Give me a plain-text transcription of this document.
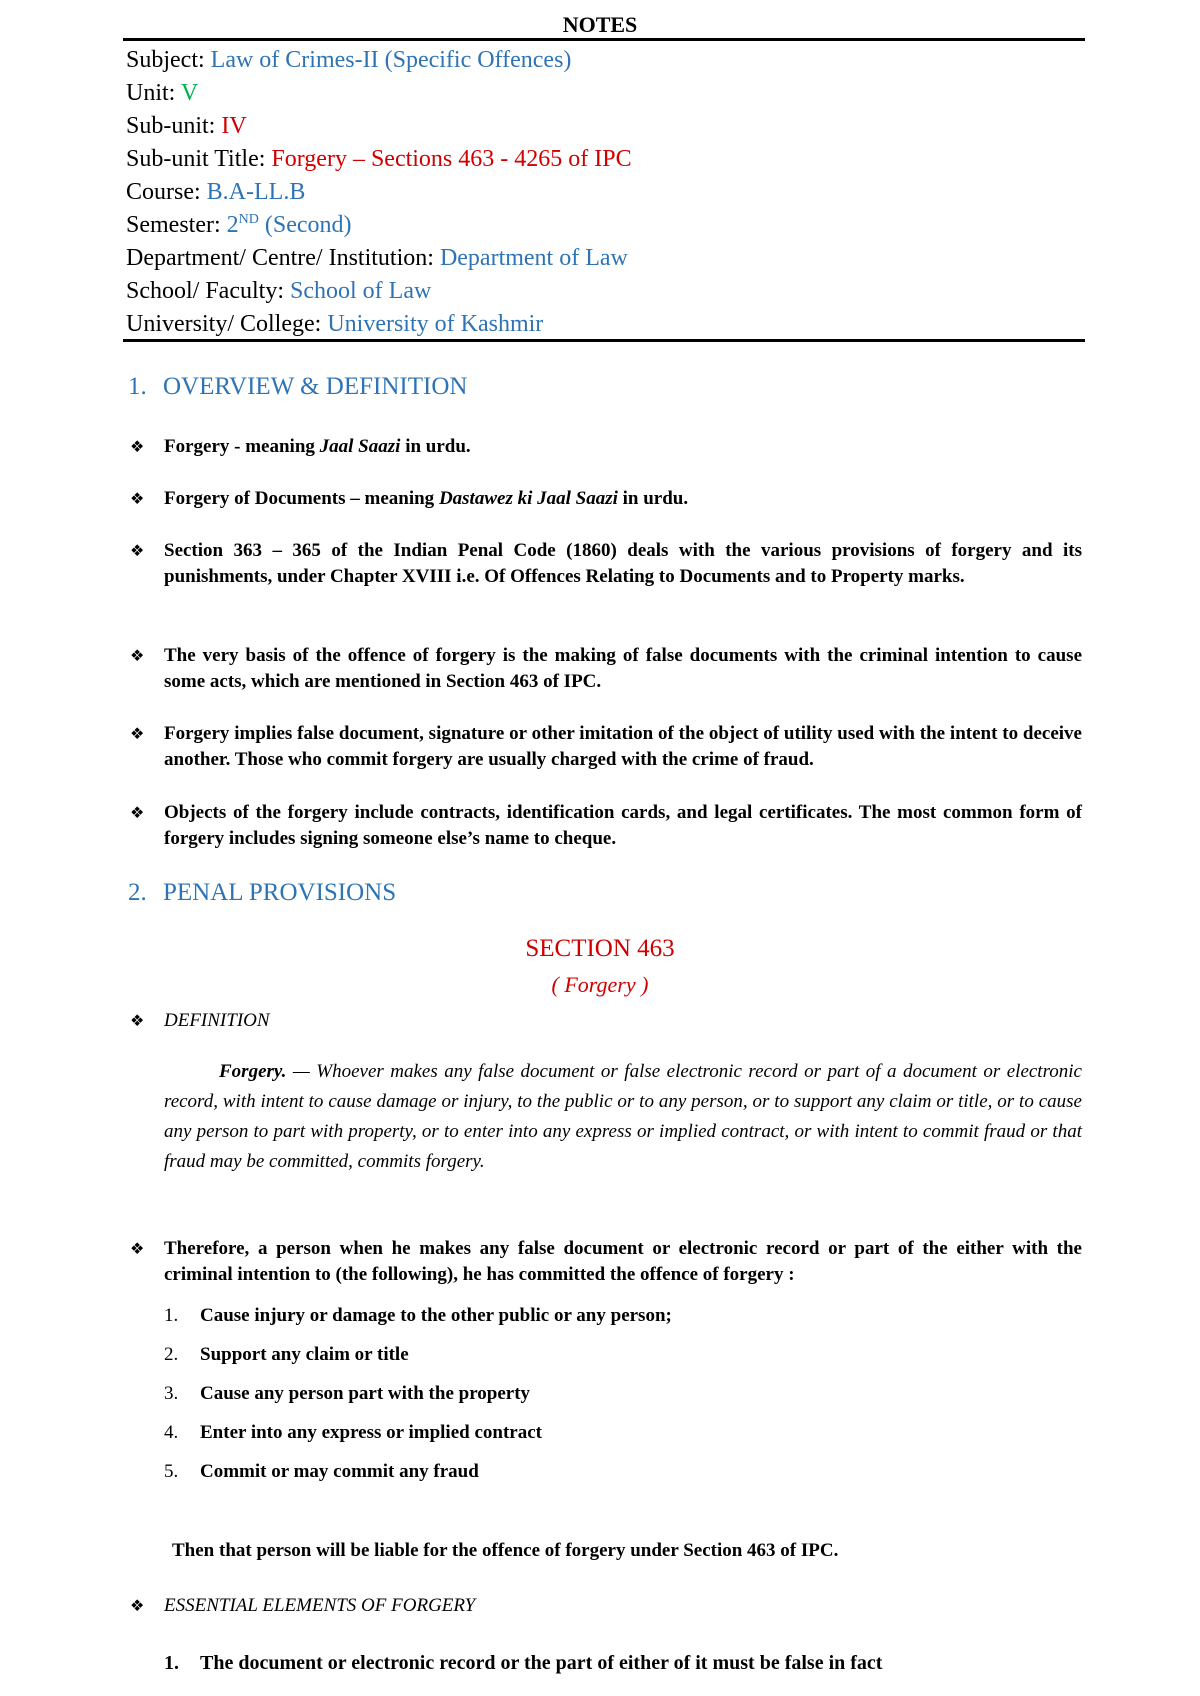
NOTES
Subject: Law of Crimes-II (Specific Offences)
Unit: V
Sub-unit: IV
Sub-unit Title: Forgery – Sections 463 - 4265 of IPC
Course: B.A-LL.B
Semester: 2ND (Second)
Department/ Centre/ Institution: Department of Law
School/ Faculty: School of Law
University/ College: University of Kashmir
1. OVERVIEW & DEFINITION
❖ Forgery - meaning Jaal Saazi in urdu.
❖ Forgery of Documents – meaning Dastawez ki Jaal Saazi in urdu.
❖ Section 363 – 365 of the Indian Penal Code (1860) deals with the various provisions of forgery and its punishments, under Chapter XVIII i.e. Of Offences Relating to Documents and to Property marks.
❖ The very basis of the offence of forgery is the making of false documents with the criminal intention to cause some acts, which are mentioned in Section 463 of IPC.
❖ Forgery implies false document, signature or other imitation of the object of utility used with the intent to deceive another. Those who commit forgery are usually charged with the crime of fraud.
❖ Objects of the forgery include contracts, identification cards, and legal certificates. The most common form of forgery includes signing someone else’s name to cheque.
2. PENAL PROVISIONS
SECTION 463
( Forgery )
❖ DEFINITION
Forgery. — Whoever makes any false document or false electronic record or part of a document or electronic record, with intent to cause damage or injury, to the public or to any person, or to support any claim or title, or to cause any person to part with property, or to enter into any express or implied contract, or with intent to commit fraud or that fraud may be committed, commits forgery.
❖ Therefore, a person when he makes any false document or electronic record or part of the either with the criminal intention to (the following), he has committed the offence of forgery :
1. Cause injury or damage to the other public or any person;
2. Support any claim or title
3. Cause any person part with the property
4. Enter into any express or implied contract
5. Commit or may commit any fraud
Then that person will be liable for the offence of forgery under Section 463 of IPC.
❖ ESSENTIAL ELEMENTS OF FORGERY
1. The document or electronic record or the part of either of it must be false in fact
